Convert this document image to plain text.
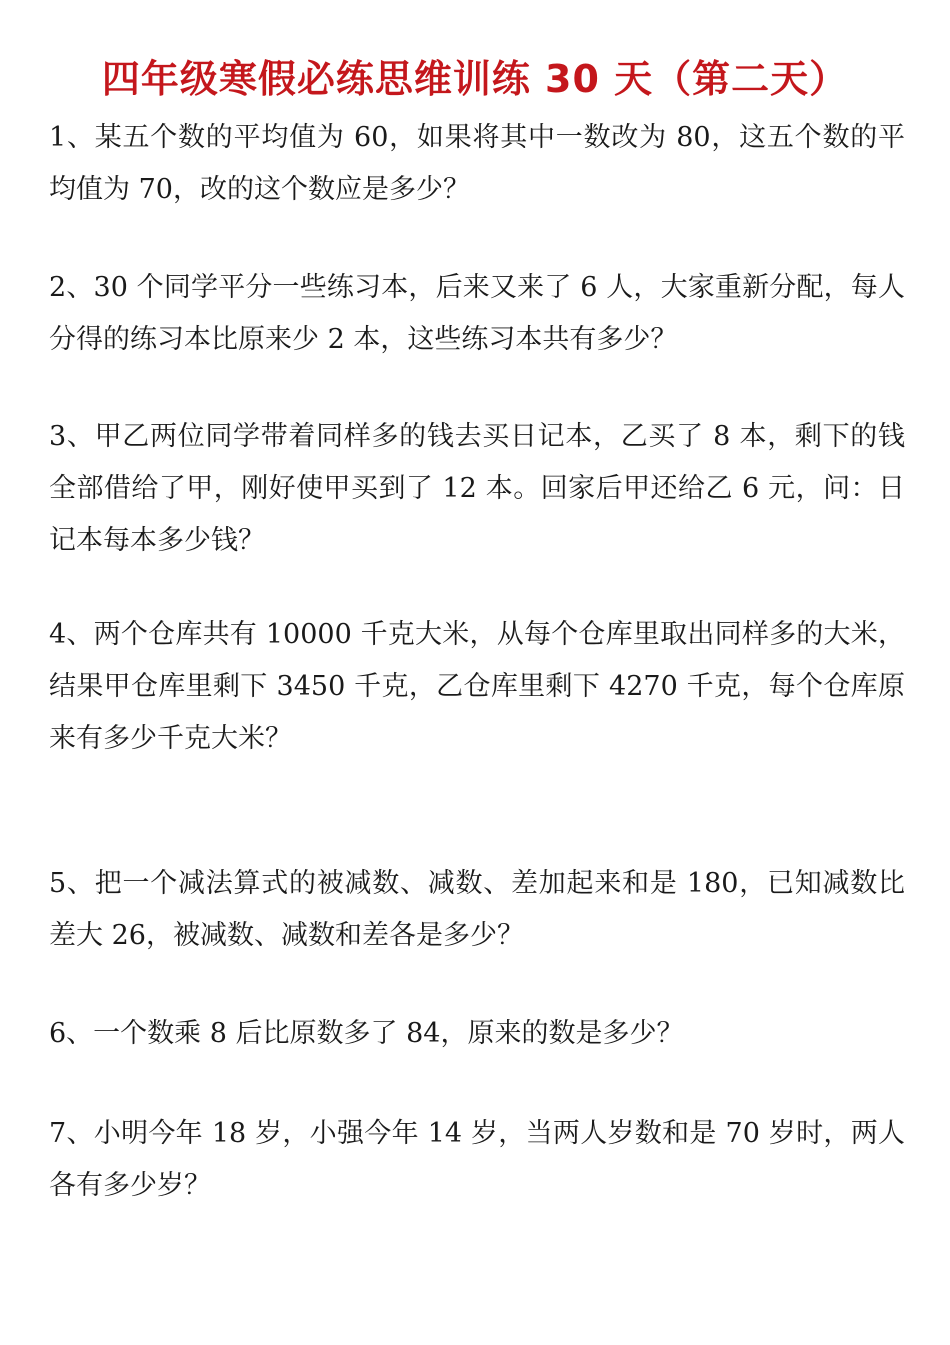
四年级寒假必练思维训练 30 天（第二天）
1、某五个数的平均值为 60，如果将其中一数改为 80，这五个数的平均值为 70，改的这个数应是多少？
2、30 个同学平分一些练习本，后来又来了 6 人，大家重新分配，每人分得的练习本比原来少 2 本，这些练习本共有多少？
3、甲乙两位同学带着同样多的钱去买日记本，乙买了 8 本，剩下的钱全部借给了甲，刚好使甲买到了 12 本。回家后甲还给乙 6 元，问：日记本每本多少钱？
4、两个仓库共有 10000 千克大米，从每个仓库里取出同样多的大米，结果甲仓库里剩下 3450 千克，乙仓库里剩下 4270 千克，每个仓库原来有多少千克大米？
5、把一个减法算式的被减数、减数、差加起来和是 180，已知减数比差大 26，被减数、减数和差各是多少？
6、一个数乘 8 后比原数多了 84，原来的数是多少？
7、小明今年 18 岁，小强今年 14 岁，当两人岁数和是 70 岁时，两人各有多少岁？
